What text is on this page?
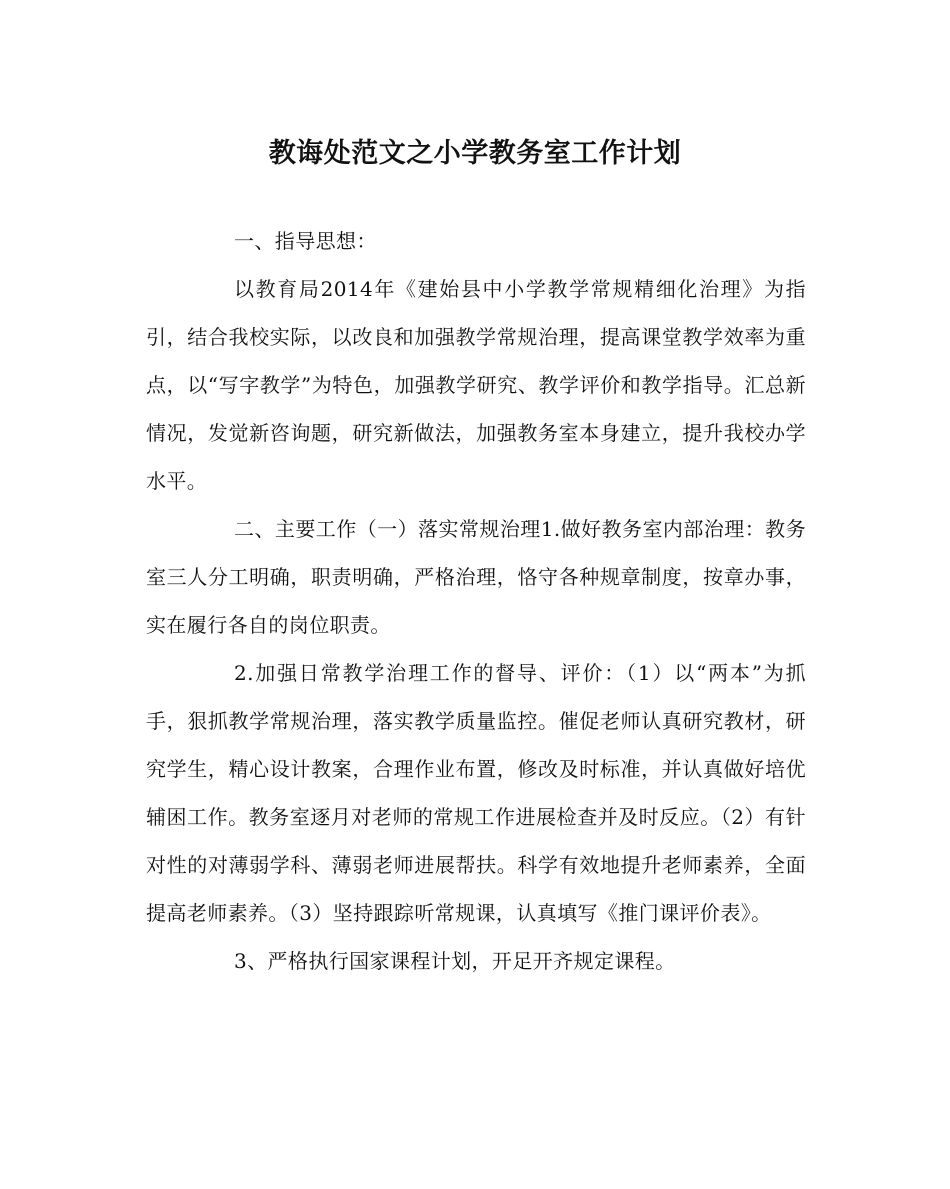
教诲处范文之小学教务室工作计划

一、指导思想：

以教育局2014年《建始县中小学教学常规精细化治理》为指引，结合我校实际，以改良和加强教学常规治理，提高课堂教学效率为重点，以“写字教学”为特色，加强教学研究、教学评价和教学指导。汇总新情况，发觉新咨询题，研究新做法，加强教务室本身建立，提升我校办学水平。

二、主要工作（一）落实常规治理1.做好教务室内部治理：教务室三人分工明确，职责明确，严格治理，恪守各种规章制度，按章办事，实在履行各自的岗位职责。

2.加强日常教学治理工作的督导、评价：（1）以“两本”为抓手，狠抓教学常规治理，落实教学质量监控。催促老师认真研究教材，研究学生，精心设计教案，合理作业布置，修改及时标准，并认真做好培优辅困工作。教务室逐月对老师的常规工作进展检查并及时反应。（2）有针对性的对薄弱学科、薄弱老师进展帮扶。科学有效地提升老师素养，全面提高老师素养。（3）坚持跟踪听常规课，认真填写《推门课评价表》。

3、严格执行国家课程计划，开足开齐规定课程。
